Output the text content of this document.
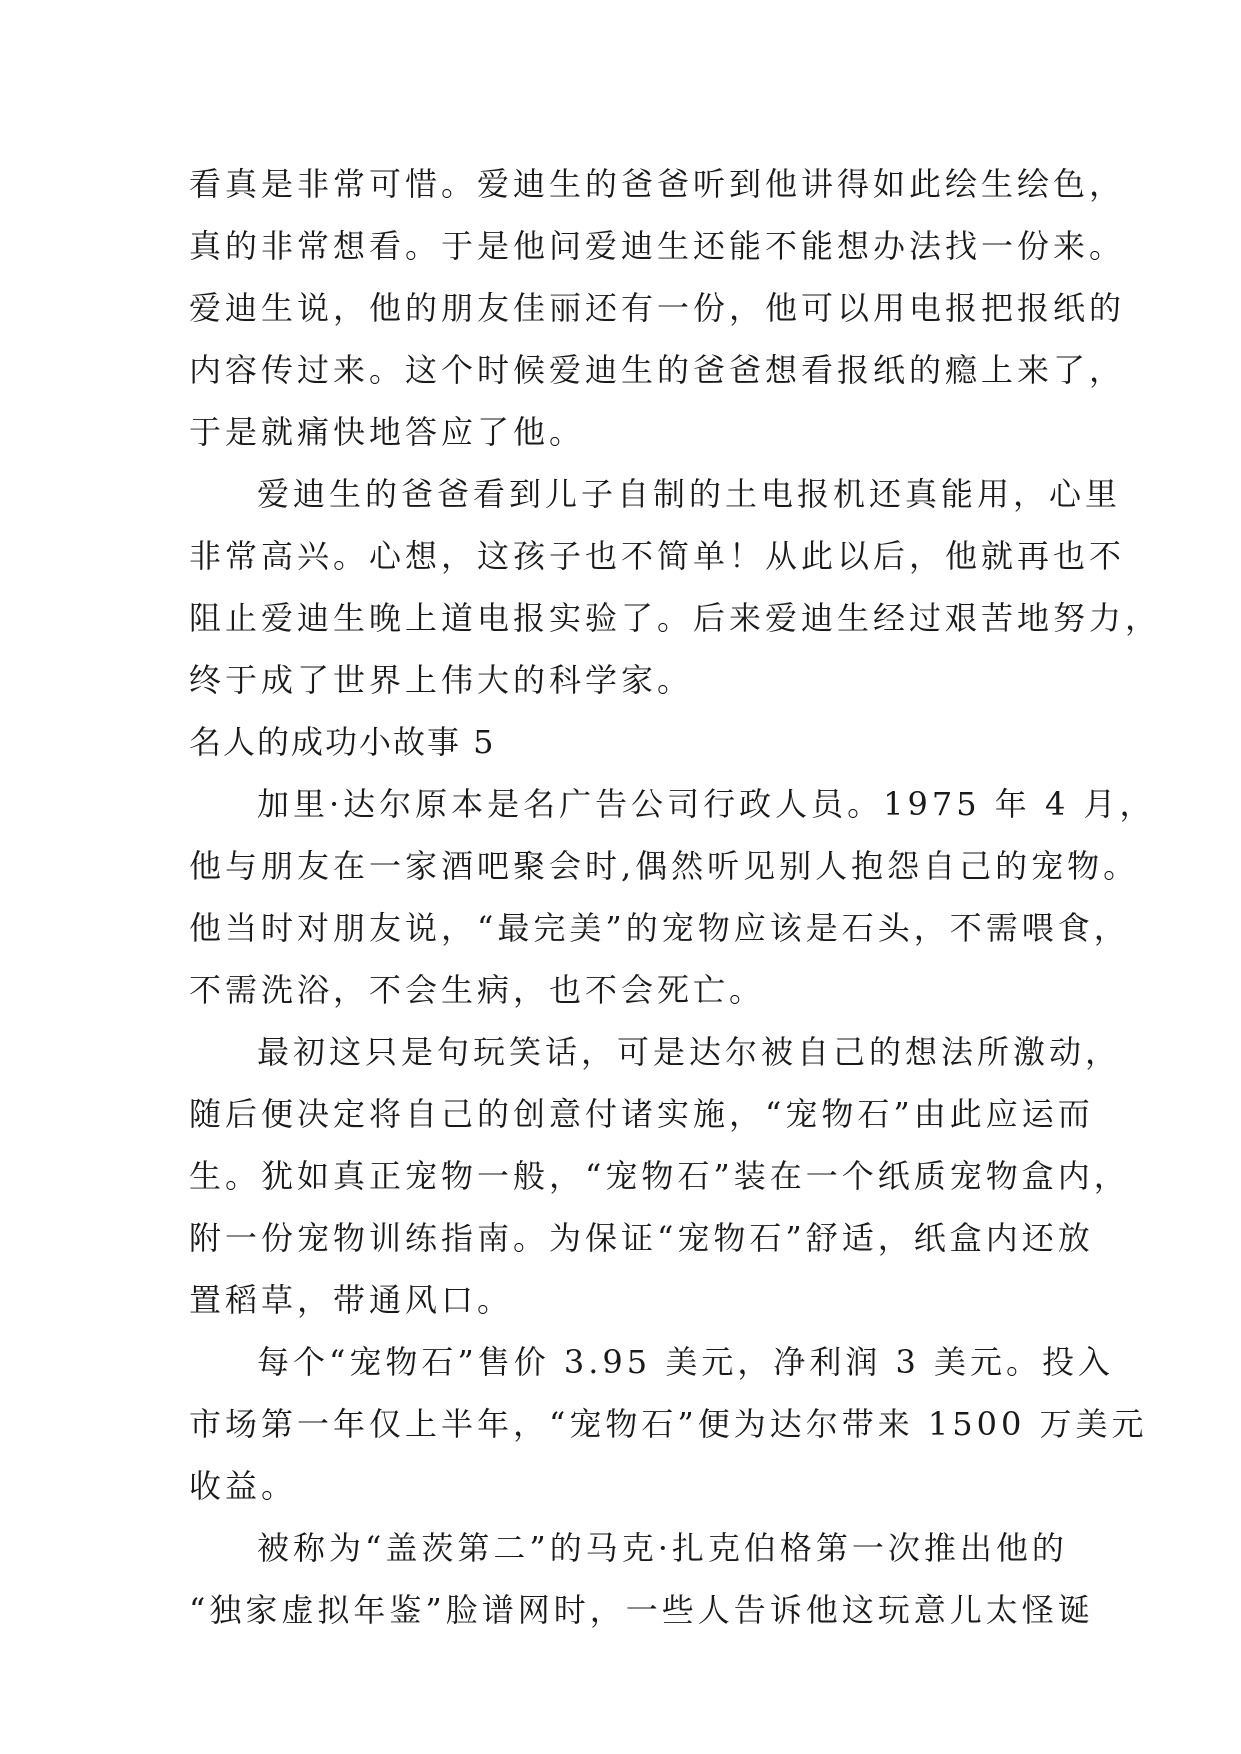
看真是非常可惜。爱迪生的爸爸听到他讲得如此绘生绘色，
真的非常想看。于是他问爱迪生还能不能想办法找一份来。
爱迪生说，他的朋友佳丽还有一份，他可以用电报把报纸的
内容传过来。这个时候爱迪生的爸爸想看报纸的瘾上来了，
于是就痛快地答应了他。
爱迪生的爸爸看到儿子自制的土电报机还真能用，心里
非常高兴。心想，这孩子也不简单！从此以后，他就再也不
阻止爱迪生晚上道电报实验了。后来爱迪生经过艰苦地努力，
终于成了世界上伟大的科学家。
名人的成功小故事 5
加里·达尔原本是名广告公司行政人员。1975 年 4 月，
他与朋友在一家酒吧聚会时,偶然听见别人抱怨自己的宠物。
他当时对朋友说，“最完美”的宠物应该是石头，不需喂食，
不需洗浴，不会生病，也不会死亡。
最初这只是句玩笑话，可是达尔被自己的想法所激动，
随后便决定将自己的创意付诸实施，“宠物石”由此应运而
生。犹如真正宠物一般，“宠物石”装在一个纸质宠物盒内，
附一份宠物训练指南。为保证“宠物石”舒适，纸盒内还放
置稻草，带通风口。
每个“宠物石”售价 3.95 美元，净利润 3 美元。投入
市场第一年仅上半年，“宠物石”便为达尔带来 1500 万美元
收益。
被称为“盖茨第二”的马克·扎克伯格第一次推出他的
“独家虚拟年鉴”脸谱网时，一些人告诉他这玩意儿太怪诞
